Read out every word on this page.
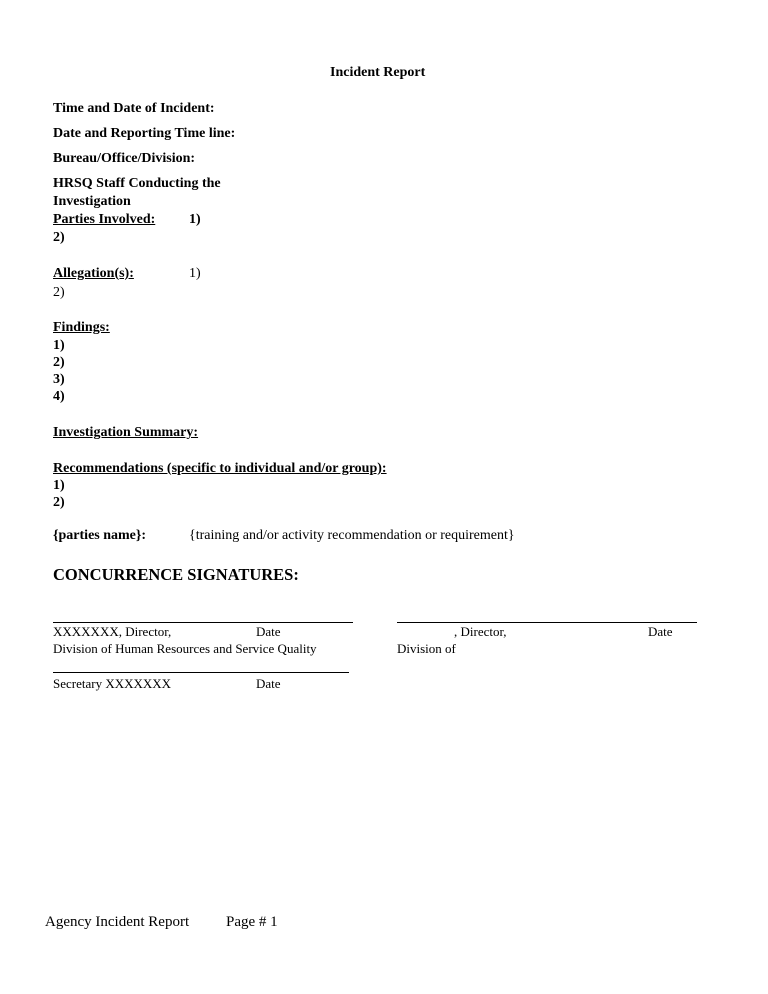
Incident Report
Time and Date of Incident:
Date and Reporting Time line:
Bureau/Office/Division:
HRSQ Staff Conducting the
Investigation
Parties Involved: 1)
2)
Allegation(s):	1)
2)
Findings:
1)
2)
3)
4)
Investigation Summary:
Recommendations (specific to individual and/or group):
1)
2)
{parties name}:	{training and/or activity recommendation or requirement}
CONCURRENCE SIGNATURES:
XXXXXXX, Director,	Date
Division of Human Resources and Service Quality
, Director,	Date
Division of
Secretary XXXXXXX	Date
Agency Incident Report Page # 1
